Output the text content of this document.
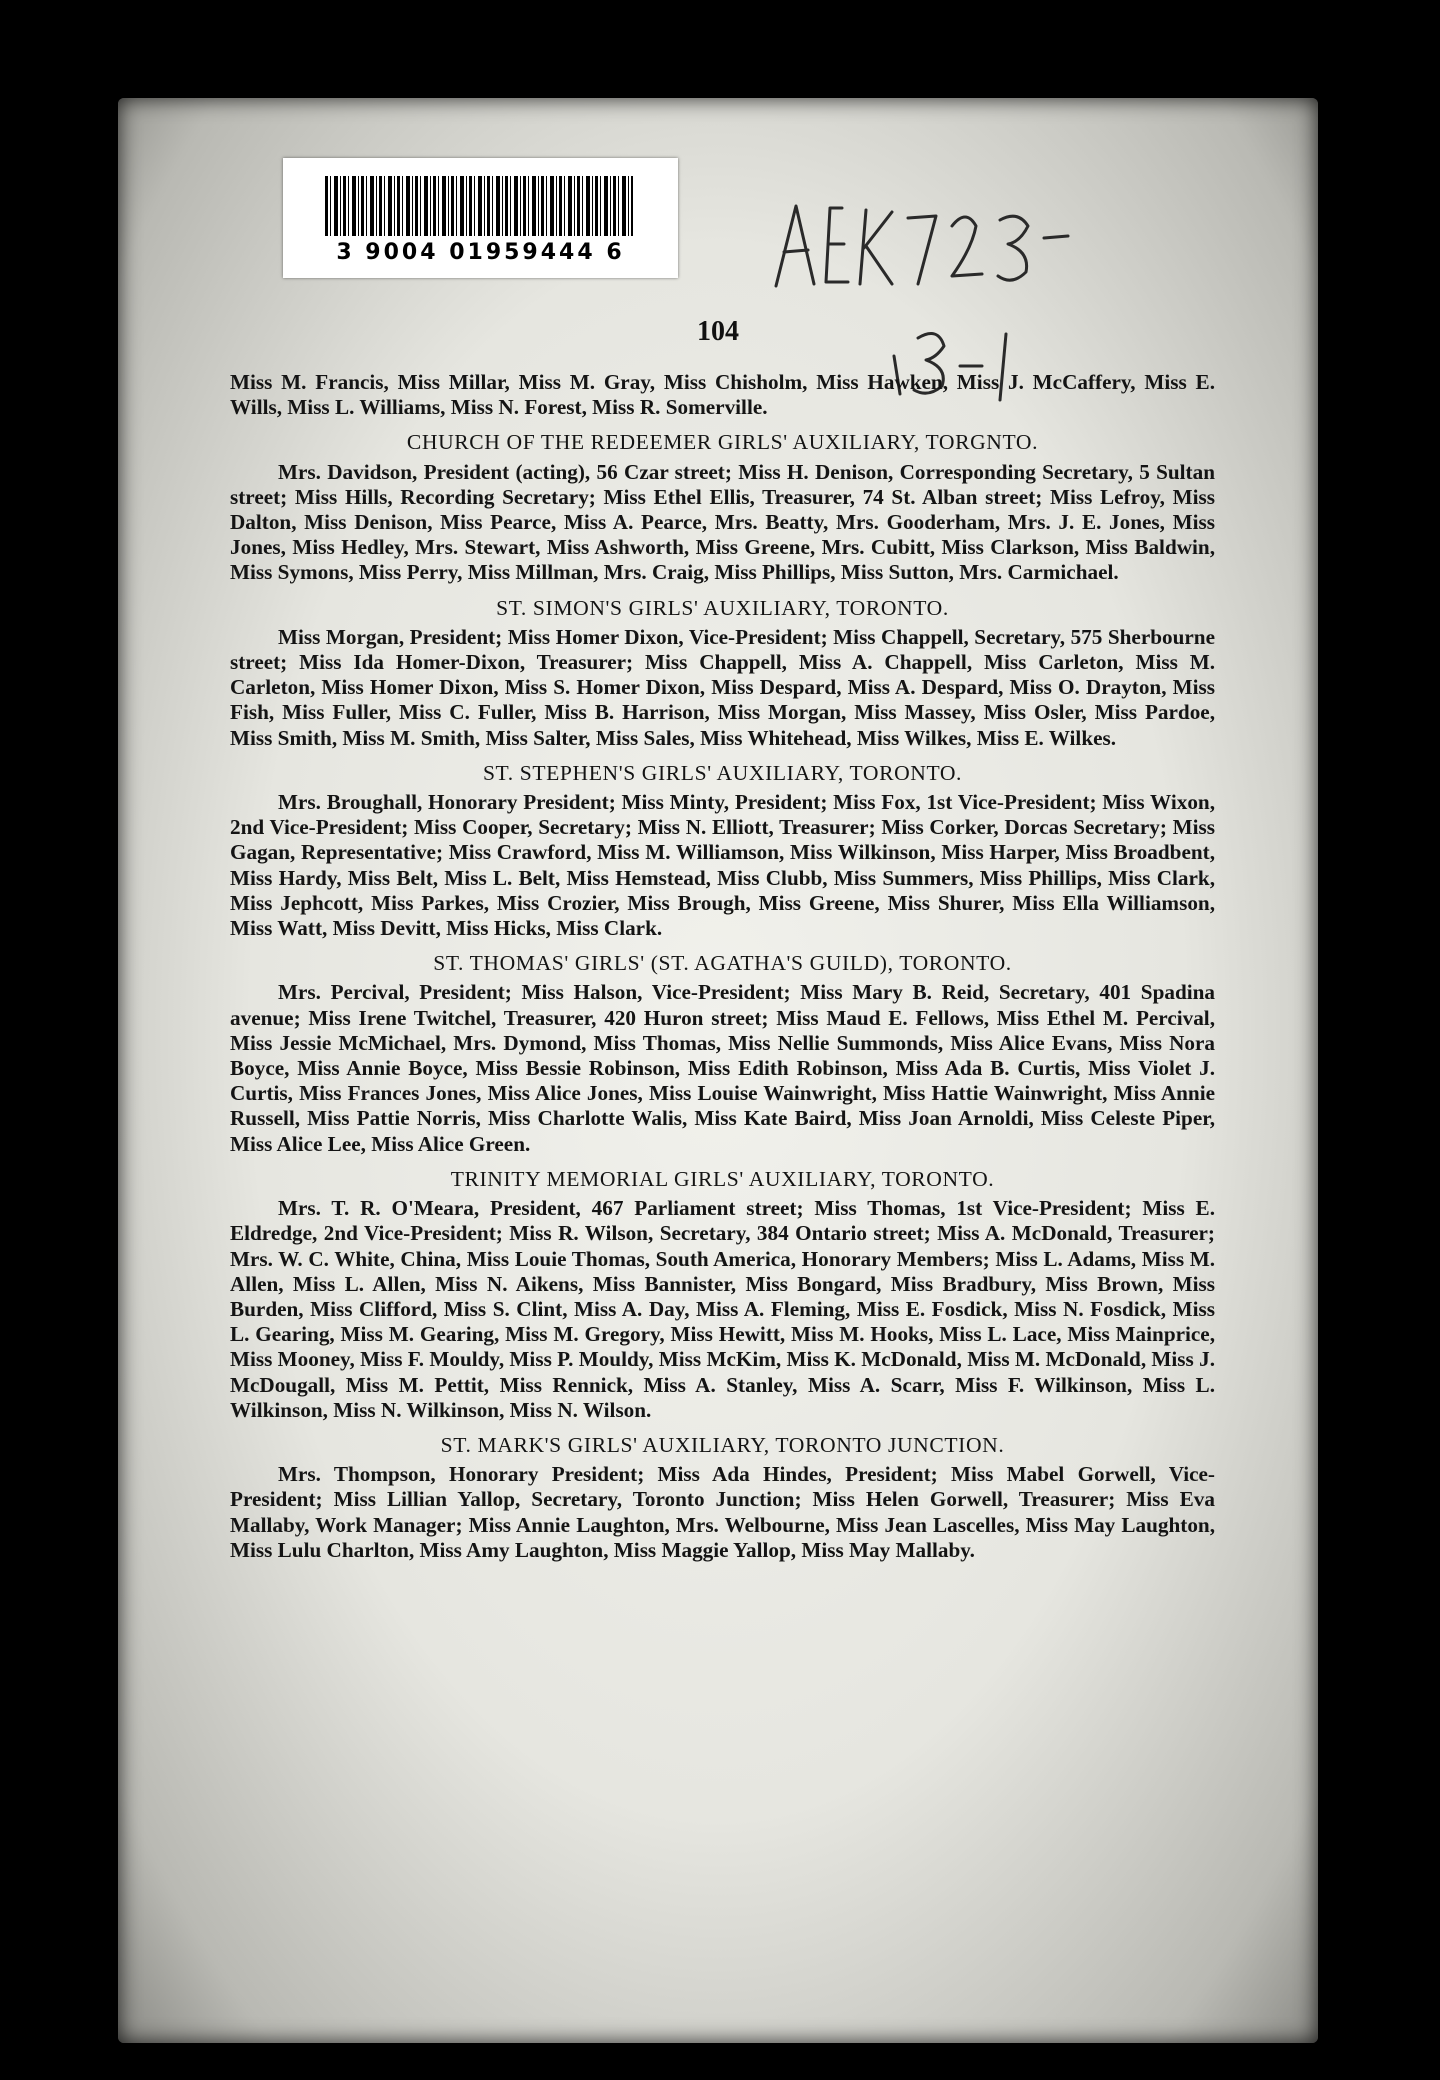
3 9004 01959444 6
104

Miss M. Francis, Miss Millar, Miss M. Gray, Miss Chisholm, Miss Hawken, Miss J. McCaffery, Miss E. Wills, Miss L. Williams, Miss N. Forest, Miss R. Somerville.

CHURCH OF THE REDEEMER GIRLS' AUXILIARY, TORGNTO.

Mrs. Davidson, President (acting), 56 Czar street; Miss H. Denison, Corresponding Secretary, 5 Sultan street; Miss Hills, Recording Secretary; Miss Ethel Ellis, Treasurer, 74 St. Alban street; Miss Lefroy, Miss Dalton, Miss Denison, Miss Pearce, Miss A. Pearce, Mrs. Beatty, Mrs. Gooderham, Mrs. J. E. Jones, Miss Jones, Miss Hedley, Mrs. Stewart, Miss Ashworth, Miss Greene, Mrs. Cubitt, Miss Clarkson, Miss Baldwin, Miss Symons, Miss Perry, Miss Millman, Mrs. Craig, Miss Phillips, Miss Sutton, Mrs. Carmichael.

ST. SIMON'S GIRLS' AUXILIARY, TORONTO.

Miss Morgan, President; Miss Homer Dixon, Vice-President; Miss Chappell, Secretary, 575 Sherbourne street; Miss Ida Homer-Dixon, Treasurer; Miss Chappell, Miss A. Chappell, Miss Carleton, Miss M. Carleton, Miss Homer Dixon, Miss S. Homer Dixon, Miss Despard, Miss A. Despard, Miss O. Drayton, Miss Fish, Miss Fuller, Miss C. Fuller, Miss B. Harrison, Miss Morgan, Miss Massey, Miss Osler, Miss Pardoe, Miss Smith, Miss M. Smith, Miss Salter, Miss Sales, Miss Whitehead, Miss Wilkes, Miss E. Wilkes.

ST. STEPHEN'S GIRLS' AUXILIARY, TORONTO.

Mrs. Broughall, Honorary President; Miss Minty, President; Miss Fox, 1st Vice-President; Miss Wixon, 2nd Vice-President; Miss Cooper, Secretary; Miss N. Elliott, Treasurer; Miss Corker, Dorcas Secretary; Miss Gagan, Representative; Miss Crawford, Miss M. Williamson, Miss Wilkinson, Miss Harper, Miss Broadbent, Miss Hardy, Miss Belt, Miss L. Belt, Miss Hemstead, Miss Clubb, Miss Summers, Miss Phillips, Miss Clark, Miss Jephcott, Miss Parkes, Miss Crozier, Miss Brough, Miss Greene, Miss Shurer, Miss Ella Williamson, Miss Watt, Miss Devitt, Miss Hicks, Miss Clark.

ST. THOMAS' GIRLS' (ST. AGATHA'S GUILD), TORONTO.

Mrs. Percival, President; Miss Halson, Vice-President; Miss Mary B. Reid, Secretary, 401 Spadina avenue; Miss Irene Twitchel, Treasurer, 420 Huron street; Miss Maud E. Fellows, Miss Ethel M. Percival, Miss Jessie McMichael, Mrs. Dymond, Miss Thomas, Miss Nellie Summonds, Miss Alice Evans, Miss Nora Boyce, Miss Annie Boyce, Miss Bessie Robinson, Miss Edith Robinson, Miss Ada B. Curtis, Miss Violet J. Curtis, Miss Frances Jones, Miss Alice Jones, Miss Louise Wainwright, Miss Hattie Wainwright, Miss Annie Russell, Miss Pattie Norris, Miss Charlotte Walis, Miss Kate Baird, Miss Joan Arnoldi, Miss Celeste Piper, Miss Alice Lee, Miss Alice Green.

TRINITY MEMORIAL GIRLS' AUXILIARY, TORONTO.

Mrs. T. R. O'Meara, President, 467 Parliament street; Miss Thomas, 1st Vice-President; Miss E. Eldredge, 2nd Vice-President; Miss R. Wilson, Secretary, 384 Ontario street; Miss A. McDonald, Treasurer; Mrs. W. C. White, China, Miss Louie Thomas, South America, Honorary Members; Miss L. Adams, Miss M. Allen, Miss L. Allen, Miss N. Aikens, Miss Bannister, Miss Bongard, Miss Bradbury, Miss Brown, Miss Burden, Miss Clifford, Miss S. Clint, Miss A. Day, Miss A. Fleming, Miss E. Fosdick, Miss N. Fosdick, Miss L. Gearing, Miss M. Gearing, Miss M. Gregory, Miss Hewitt, Miss M. Hooks, Miss L. Lace, Miss Mainprice, Miss Mooney, Miss F. Mouldy, Miss P. Mouldy, Miss McKim, Miss K. McDonald, Miss M. McDonald, Miss J. McDougall, Miss M. Pettit, Miss Rennick, Miss A. Stanley, Miss A. Scarr, Miss F. Wilkinson, Miss L. Wilkinson, Miss N. Wilkinson, Miss N. Wilson.

ST. MARK'S GIRLS' AUXILIARY, TORONTO JUNCTION.

Mrs. Thompson, Honorary President; Miss Ada Hindes, President; Miss Mabel Gorwell, Vice-President; Miss Lillian Yallop, Secretary, Toronto Junction; Miss Helen Gorwell, Treasurer; Miss Eva Mallaby, Work Manager; Miss Annie Laughton, Mrs. Welbourne, Miss Jean Lascelles, Miss May Laughton, Miss Lulu Charlton, Miss Amy Laughton, Miss Maggie Yallop, Miss May Mallaby.
